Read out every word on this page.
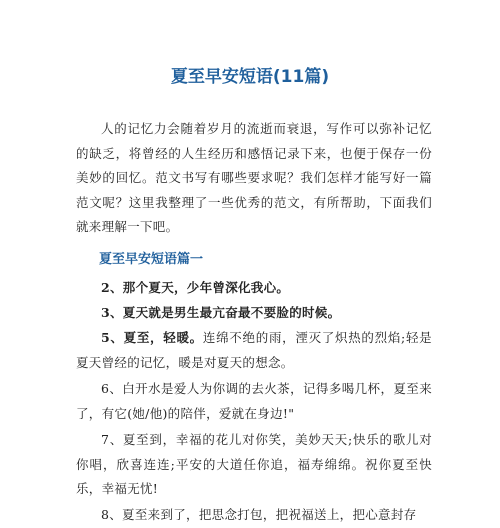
夏至早安短语(11篇)
人的记忆力会随着岁月的流逝而衰退，写作可以弥补记忆的缺乏，将曾经的人生经历和感悟记录下来，也便于保存一份美妙的回忆。范文书写有哪些要求呢？我们怎样才能写好一篇范文呢？这里我整理了一些优秀的范文，有所帮助，下面我们就来理解一下吧。
夏至早安短语篇一
2、那个夏天，少年曾深化我心。
3、夏天就是男生最亢奋最不要脸的时候。
5、夏至，轻暖。连绵不绝的雨，湮灭了炽热的烈焰;轻是夏天曾经的记忆，暖是对夏天的想念。
6、白开水是爱人为你调的去火茶，记得多喝几杯，夏至来了，有它(她/他)的陪伴，爱就在身边!"
7、夏至到，幸福的花儿对你笑，美妙天天;快乐的歌儿对你唱，欣喜连连;平安的大道任你追，福寿绵绵。祝你夏至快乐，幸福无忧!
8、夏至来到了，把思念打包，把祝福送上，把心意封存
